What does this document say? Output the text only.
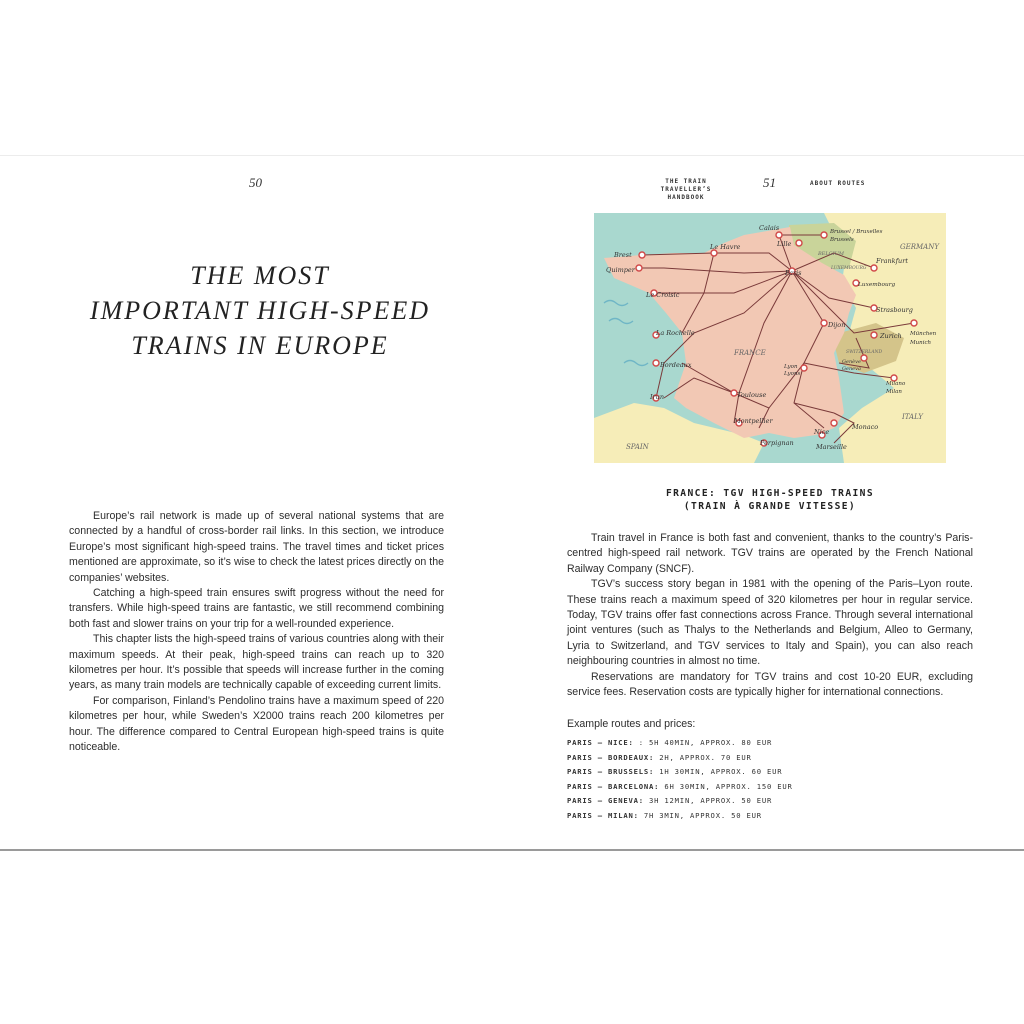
50
THE MOST
IMPORTANT HIGH-SPEED
TRAINS IN EUROPE

Europe’s rail network is made up of several national systems that are connected by a handful of cross-border rail links. In this section, we introduce Europe’s most significant high-speed trains. The travel times and ticket prices mentioned are approximate, so it’s wise to check the latest prices directly on the companies’ websites.

Catching a high-speed train ensures swift progress without the need for transfers. While high-speed trains are fantastic, we still recommend combining both fast and slower trains on your trip for a well-rounded experience.

This chapter lists the high-speed trains of various countries along with their maximum speeds. At their peak, high-speed trains can reach up to 320 kilometres per hour. It’s possible that speeds will increase further in the coming years, as many train models are technically capable of exceeding current limits.

For comparison, Finland’s Pendolino trains have a maximum speed of 220 kilometres per hour, while Sweden’s X2000 trains reach 200 kilometres per hour. The difference compared to Central European high-speed trains is quite noticeable.

THE TRAIN TRAVELLER’S
HANDBOOK
51	ABOUT ROUTES
FRANCE
SPAIN
ITALY
GERMANY
BELGIUM
SWITZERLAND
LUXEMBOURG
Calais	Brussel / Bruxelles
Brussels
Lille
Brest
Le Havre
Quimper	Paris
Frankfurt
Luxembourg
Le Croisic
Strasbourg
La Rochelle	Zurich München
Munich
Genève
Geneva
Bordeaux	Lyon
Lyons
Dijon
Milano
Milan
Irun	Toulouse
Monaco
Montpellier
Nice
Marseille
Perpignan
FRANCE: TGV HIGH-SPEED TRAINS
(TRAIN À GRANDE VITESSE)

Train travel in France is both fast and convenient, thanks to the country’s Paris-centred high-speed rail network. TGV trains are operated by the French National Railway Company (SNCF).

TGV’s success story began in 1981 with the opening of the Paris–Lyon route. These trains reach a maximum speed of 320 kilometres per hour in regular service. Today, TGV trains offer fast connections across France. Through several international joint ventures (such as Thalys to the Netherlands and Belgium, Alleo to Germany, Lyria to Switzerland, and TGV services to Italy and Spain), you can also reach neighbouring countries in almost no time.

Reservations are mandatory for TGV trains and cost 10-20 EUR, excluding service fees. Reservation costs are typically higher for international connections.

Example routes and prices:
PARIS — NICE: : 5H 40MIN, APPROX. 80 EUR
PARIS — BORDEAUX: 2H, APPROX. 70 EUR
PARIS — BRUSSELS: 1H 30MIN, APPROX. 60 EUR
PARIS — BARCELONA: 6H 30MIN, APPROX. 150 EUR
PARIS — GENEVA: 3H 12MIN, APPROX. 50 EUR
PARIS — MILAN: 7H 3MIN, APPROX. 50 EUR
